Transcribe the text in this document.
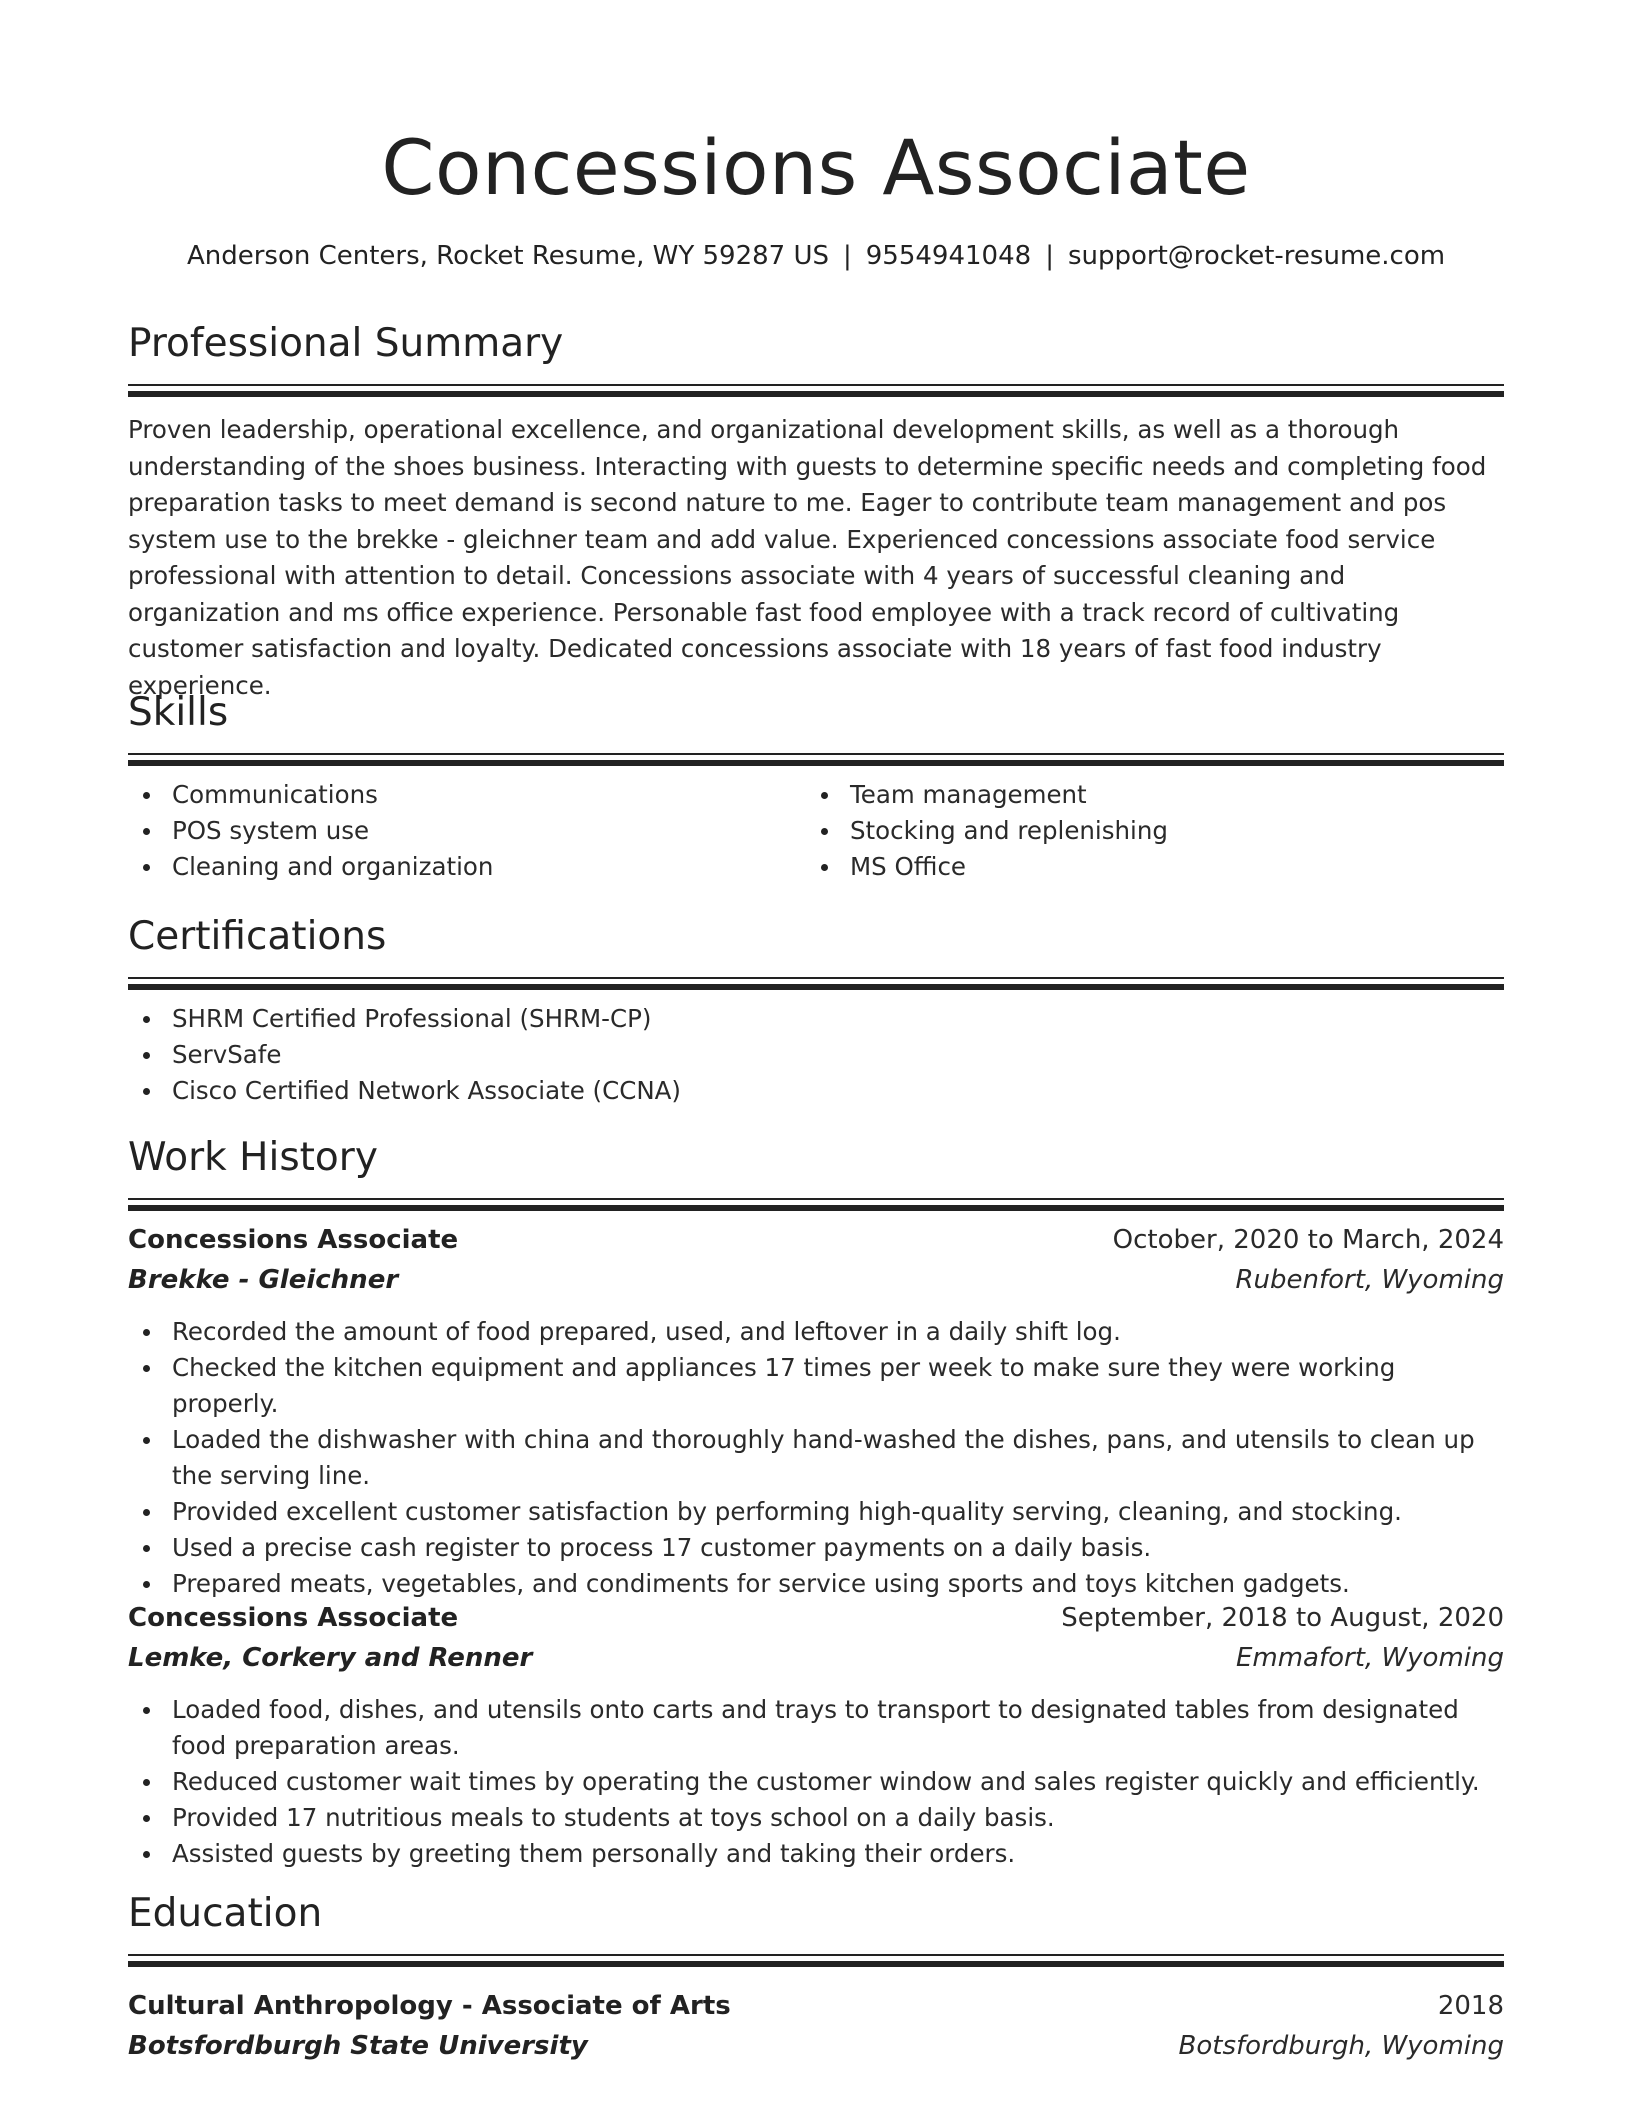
Concessions Associate
Anderson Centers, Rocket Resume, WY 59287 US | 9554941048 | support@rocket-resume.com
Professional Summary
Proven leadership, operational excellence, and organizational development skills, as well as a thorough understanding of the shoes business. Interacting with guests to determine specific needs and completing food preparation tasks to meet demand is second nature to me. Eager to contribute team management and pos system use to the brekke - gleichner team and add value. Experienced concessions associate food service professional with attention to detail. Concessions associate with 4 years of successful cleaning and organization and ms office experience. Personable fast food employee with a track record of cultivating customer satisfaction and loyalty. Dedicated concessions associate with 18 years of fast food industry experience.
Skills
Communications
POS system use
Cleaning and organization
Team management
Stocking and replenishing
MS Office
Certifications
SHRM Certified Professional (SHRM-CP)
ServSafe
Cisco Certified Network Associate (CCNA)
Work History
Concessions Associate	October, 2020 to March, 2024
Brekke - Gleichner	Rubenfort, Wyoming
Recorded the amount of food prepared, used, and leftover in a daily shift log.
Checked the kitchen equipment and appliances 17 times per week to make sure they were working properly.
Loaded the dishwasher with china and thoroughly hand-washed the dishes, pans, and utensils to clean up the serving line.
Provided excellent customer satisfaction by performing high-quality serving, cleaning, and stocking.
Used a precise cash register to process 17 customer payments on a daily basis.
Prepared meats, vegetables, and condiments for service using sports and toys kitchen gadgets.
Concessions Associate	September, 2018 to August, 2020
Lemke, Corkery and Renner	Emmafort, Wyoming
Loaded food, dishes, and utensils onto carts and trays to transport to designated tables from designated food preparation areas.
Reduced customer wait times by operating the customer window and sales register quickly and efficiently.
Provided 17 nutritious meals to students at toys school on a daily basis.
Assisted guests by greeting them personally and taking their orders.
Education
Cultural Anthropology - Associate of Arts	2018
Botsfordburgh State University	Botsfordburgh, Wyoming
